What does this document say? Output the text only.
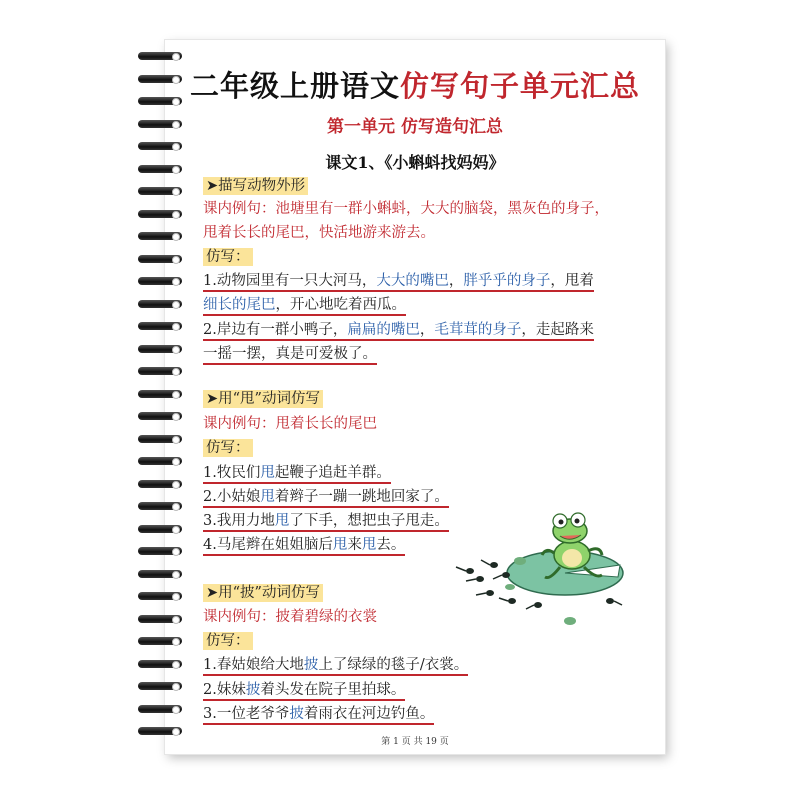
二年级上册语文仿写句子单元汇总
第一单元 仿写造句汇总
课文1、《小蝌蚪找妈妈》
➤描写动物外形
课内例句：池塘里有一群小蝌蚪，大大的脑袋，黑灰色的身子，
甩着长长的尾巴，快活地游来游去。
仿写：
1.动物园里有一只大河马，大大的嘴巴，胖乎乎的身子，甩着
细长的尾巴，开心地吃着西瓜。
2.岸边有一群小鸭子，扁扁的嘴巴，毛茸茸的身子，走起路来
一摇一摆，真是可爱极了。
➤用“甩”动词仿写
课内例句：甩着长长的尾巴
仿写：
1.牧民们甩起鞭子追赶羊群。
2.小姑娘甩着辫子一蹦一跳地回家了。
3.我用力地甩了下手，想把虫子甩走。
4.马尾辫在姐姐脑后甩来甩去。
➤用“披”动词仿写
课内例句：披着碧绿的衣裳
仿写：
1.春姑娘给大地披上了绿绿的毯子/衣裳。
2.妹妹披着头发在院子里拍球。
3.一位老爷爷披着雨衣在河边钓鱼。
第 1 页 共 19 页
